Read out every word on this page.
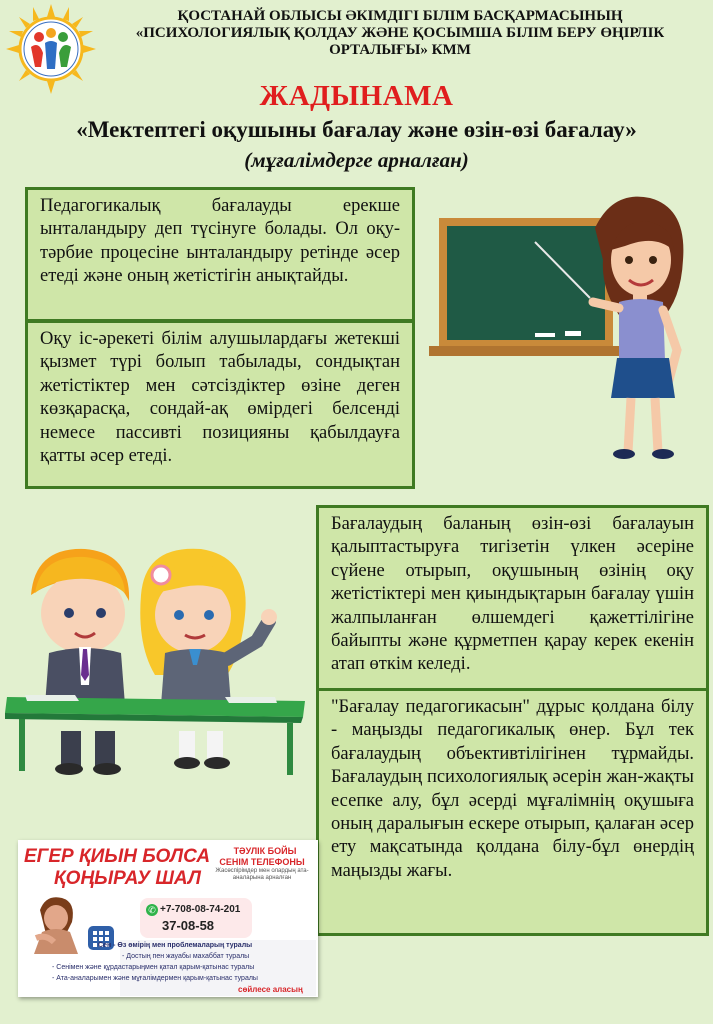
ҚОСТАНАЙ ОБЛЫСЫ ӘКІМДІГІ БІЛІМ БАСҚАРМАСЫНЫҢ
«ПСИХОЛОГИЯЛЫҚ ҚОЛДАУ ЖӘНЕ ҚОСЫМША БІЛІМ БЕРУ ӨҢІРЛІК
ОРТАЛЫҒЫ» КММ
ЖАДЫНАМА
«Мектептегі оқушыны бағалау және өзін-өзі бағалау»
(мұғалімдерге арналған)
Педагогикалық бағалауды ерекше ынталандыру деп түсінуге болады. Ол оқу-тәрбие процесіне ынталандыру ретінде әсер етеді және оның жетістігін анықтайды.
Оқу іс-әрекеті білім алушылардағы жетекші қызмет түрі болып табылады, сондықтан жетістіктер мен сәтсіздіктер өзіне деген көзқарасқа, сондай-ақ өмірдегі белсенді немесе пассивті позицияны қабылдауға қатты әсер етеді.
Бағалаудың баланың өзін-өзі бағалауын қалыптастыруға тигізетін үлкен әсеріне сүйене отырып, оқушының өзінің оқу жетістіктері мен қиындықтарын бағалау үшін жалпыланған өлшемдегі қажеттілігіне байыпты және құрметпен қарау керек екенін атап өткім келеді.
"Бағалау педагогикасын" дұрыс қолдана білу - маңызды педагогикалық өнер. Бұл тек бағалаудың объективтілігінен тұрмайды. Бағалаудың психологиялық әсерін жан-жақты есепке алу, бұл әсерді мұғалімнің оқушыға оның даралығын ескере отырып, қалаған әсер ету мақсатында қолдана білу-бұл өнердің маңызды жағы.
ЕГЕР ҚИЫН БОЛСА
ҚОҢЫРАУ ШАЛ
ТӘУЛІК БОЙЫ
СЕНІМ ТЕЛЕФОНЫ
Жасөспірімдер мен олардың ата-аналарына арналған
✆ +7-708-08-74-201
37-08-58
Сен - Өз өмірің мен проблемаларың туралы
- Достың пен жауабы махаббат туралы
- Сенімен және құрдастарыңмен қатал қарым-қатынас туралы
- Ата-аналарымен және мұғалімдермен қарым-қатынас туралы
сөйлесе аласың
